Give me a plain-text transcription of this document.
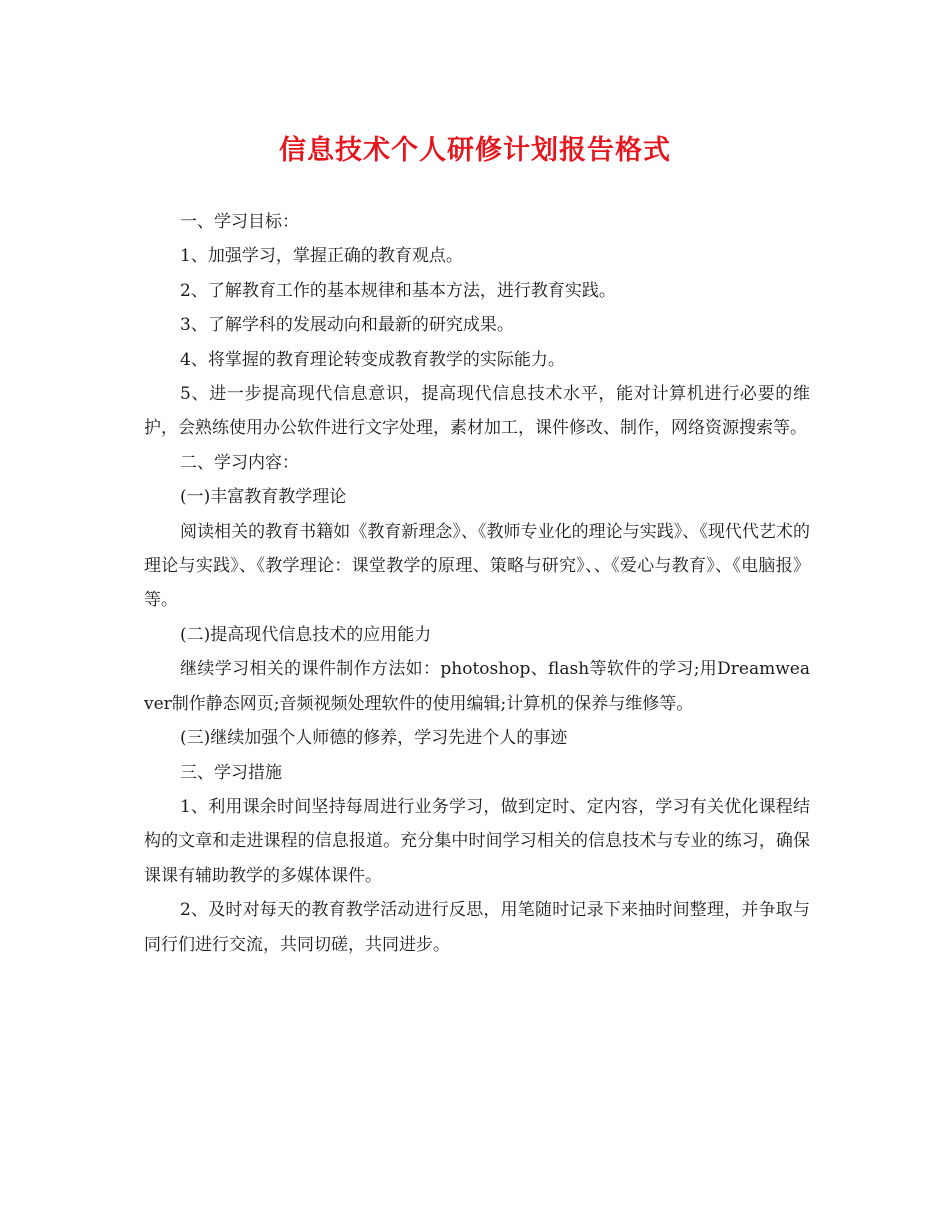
信息技术个人研修计划报告格式

一、学习目标：

1、加强学习，掌握正确的教育观点。

2、了解教育工作的基本规律和基本方法，进行教育实践。

3、了解学科的发展动向和最新的研究成果。

4、将掌握的教育理论转变成教育教学的实际能力。

5、进一步提高现代信息意识，提高现代信息技术水平，能对计算机进行必要的维护，会熟练使用办公软件进行文字处理，素材加工，课件修改、制作，网络资源搜索等。

二、学习内容：

(一)丰富教育教学理论

阅读相关的教育书籍如《教育新理念》、《教师专业化的理论与实践》、《现代代艺术的理论与实践》、《教学理论：课堂教学的原理、策略与研究》、、《爱心与教育》、《电脑报》等。

(二)提高现代信息技术的应用能力

继续学习相关的课件制作方法如：photoshop、flash等软件的学习;用Dreamweaver制作静态网页;音频视频处理软件的使用编辑;计算机的保养与维修等。

(三)继续加强个人师德的修养，学习先进个人的事迹

三、学习措施

1、利用课余时间坚持每周进行业务学习，做到定时、定内容，学习有关优化课程结构的文章和走进课程的信息报道。充分集中时间学习相关的信息技术与专业的练习，确保课课有辅助教学的多媒体课件。

2、及时对每天的教育教学活动进行反思，用笔随时记录下来抽时间整理，并争取与同行们进行交流，共同切磋，共同进步。
